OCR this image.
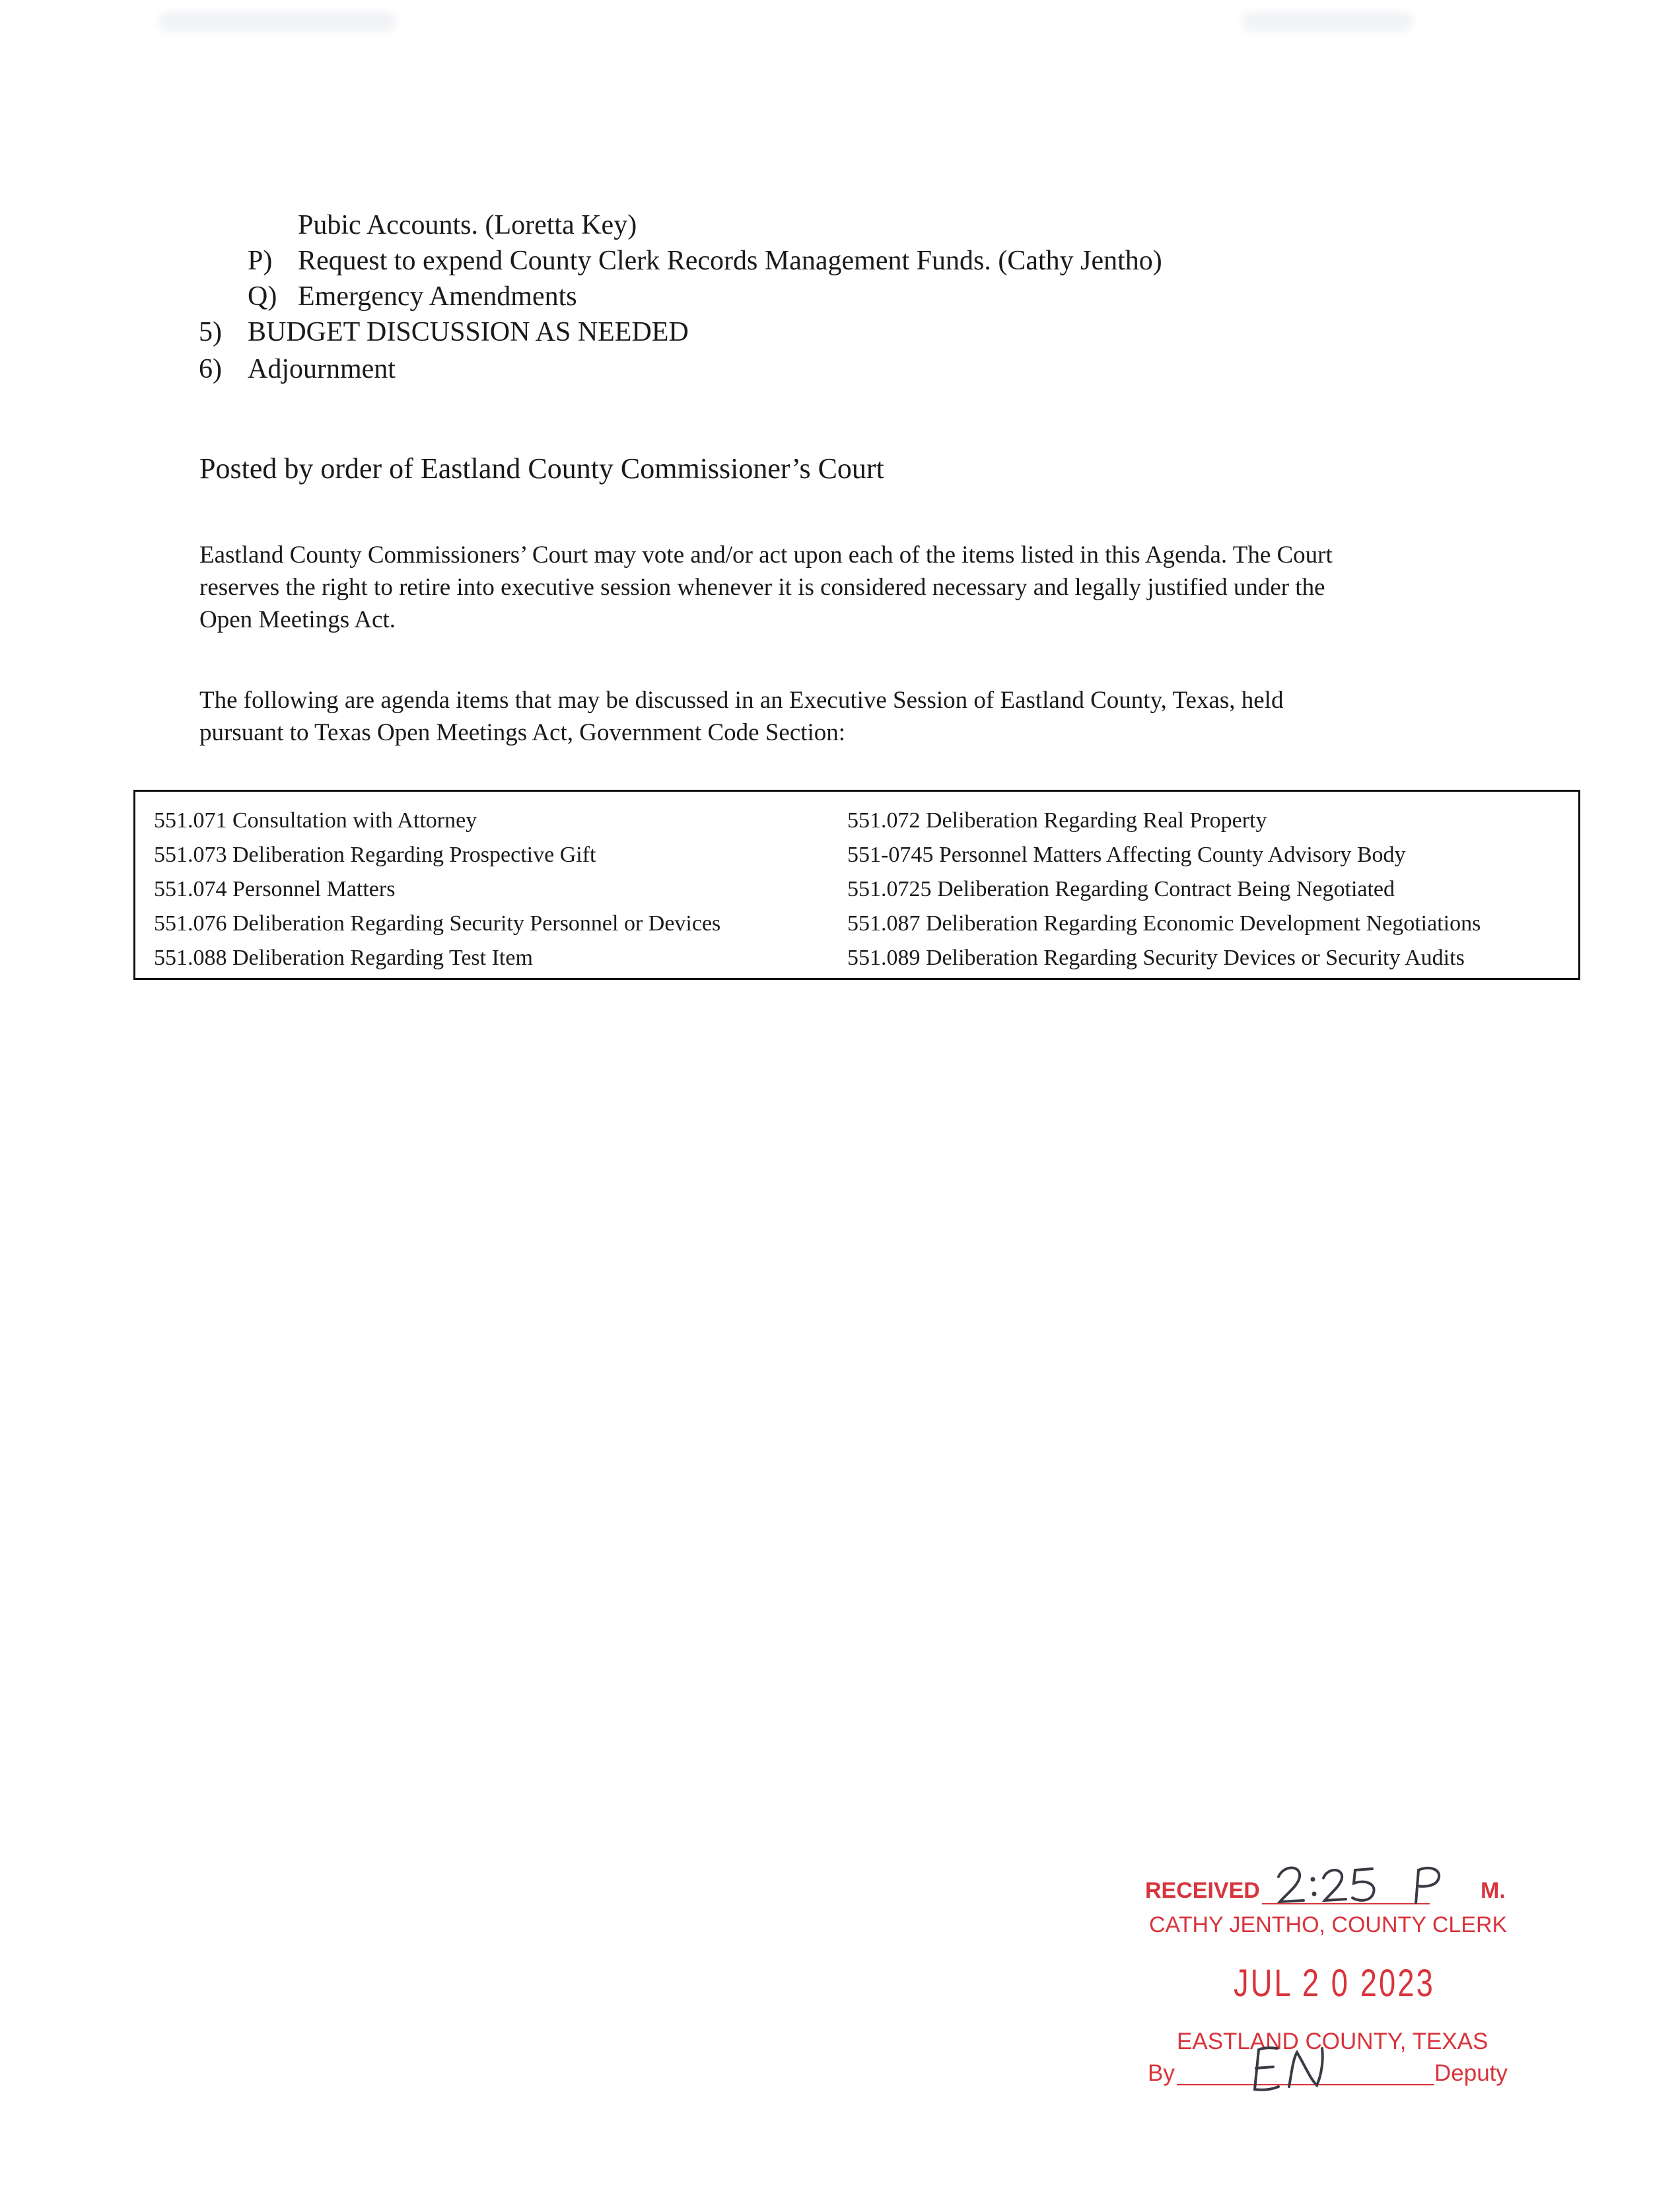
Pubic Accounts. (Loretta Key)
P) Request to expend County Clerk Records Management Funds. (Cathy Jentho)
Q) Emergency Amendments
5) BUDGET DISCUSSION AS NEEDED
6) Adjournment
Posted by order of Eastland County Commissioner’s Court

Eastland County Commissioners’ Court may vote and/or act upon each of the items listed in this Agenda. The Court

reserves the right to retire into executive session whenever it is considered necessary and legally justified under the

Open Meetings Act.

The following are agenda items that may be discussed in an Executive Session of Eastland County, Texas, held

pursuant to Texas Open Meetings Act, Government Code Section:

551.071 Consultation with Attorney
551.073 Deliberation Regarding Prospective Gift
551.074 Personnel Matters
551.076 Deliberation Regarding Security Personnel or Devices
551.088 Deliberation Regarding Test Item
551.072 Deliberation Regarding Real Property
551-0745 Personnel Matters Affecting County Advisory Body
551.0725 Deliberation Regarding Contract Being Negotiated
551.087 Deliberation Regarding Economic Development Negotiations
551.089 Deliberation Regarding Security Devices or Security Audits
RECEIVED	M.
CATHY JENTHO, COUNTY CLERK
JUL 2 0 2023
EASTLAND COUNTY, TEXAS
By	Deputy
